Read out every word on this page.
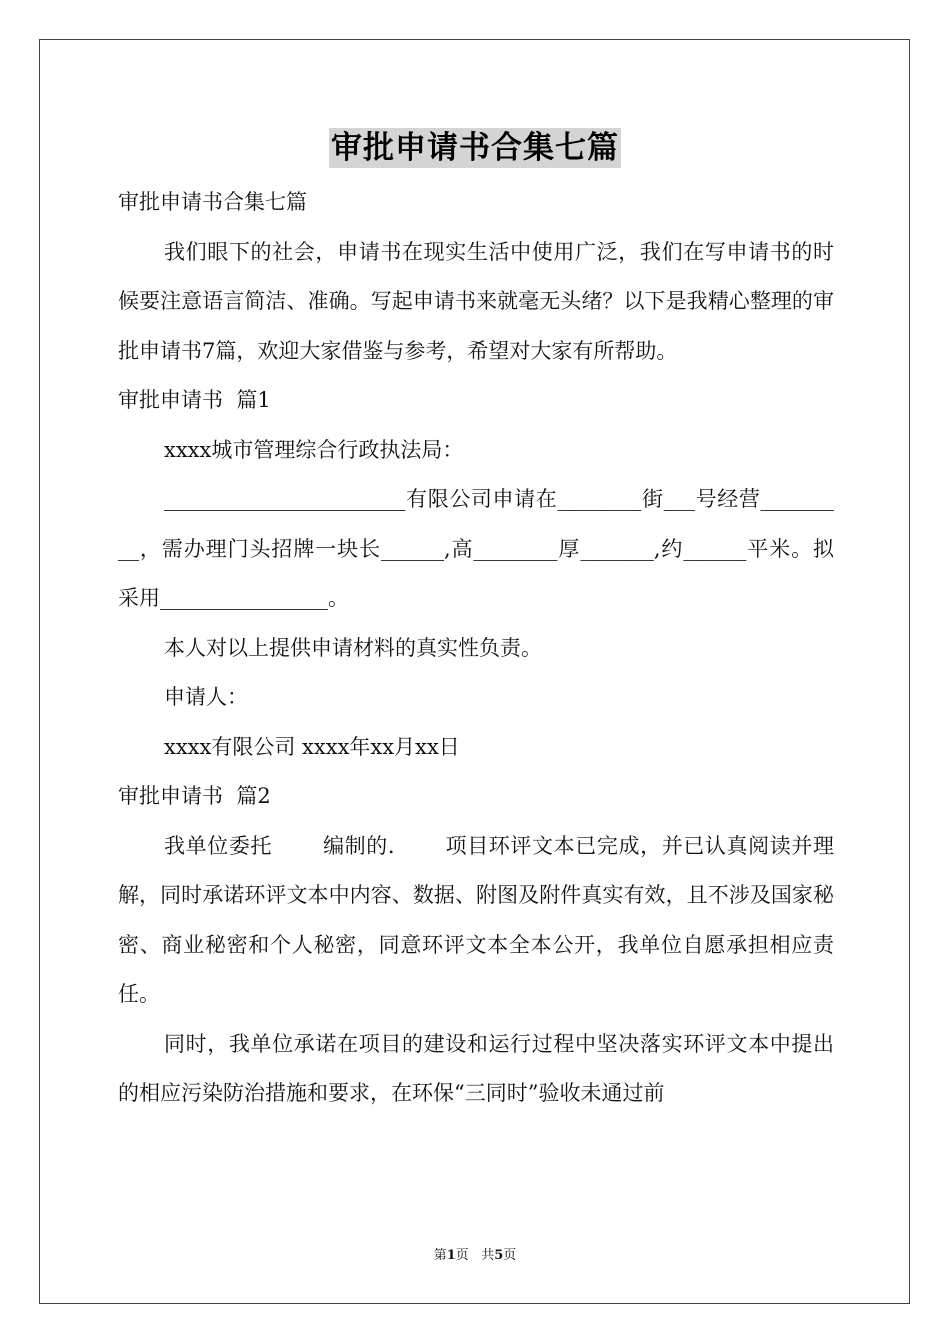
审批申请书合集七篇

审批申请书合集七篇

我们眼下的社会，申请书在现实生活中使用广泛，我们在写申请书的时候要注意语言简洁、准确。写起申请书来就毫无头绪？以下是我精心整理的审批申请书7篇，欢迎大家借鉴与参考，希望对大家有所帮助。

审批申请书  篇1

xxxx城市管理综合行政执法局：

_______________________有限公司申请在________街___号经营_________，需办理门头招牌一块长______,高________厚_______,约______平米。拟采用________________。

本人对以上提供申请材料的真实性负责。

申请人：

xxxx有限公司 xxxx年xx月xx日

审批申请书  篇2

我单位委托       编制的.       项目环评文本已完成，并已认真阅读并理解，同时承诺环评文本中内容、数据、附图及附件真实有效，且不涉及国家秘密、商业秘密和个人秘密，同意环评文本全本公开，我单位自愿承担相应责任。

同时，我单位承诺在项目的建设和运行过程中坚决落实环评文本中提出的相应污染防治措施和要求，在环保“三同时”验收未通过前

第1页   共5页
